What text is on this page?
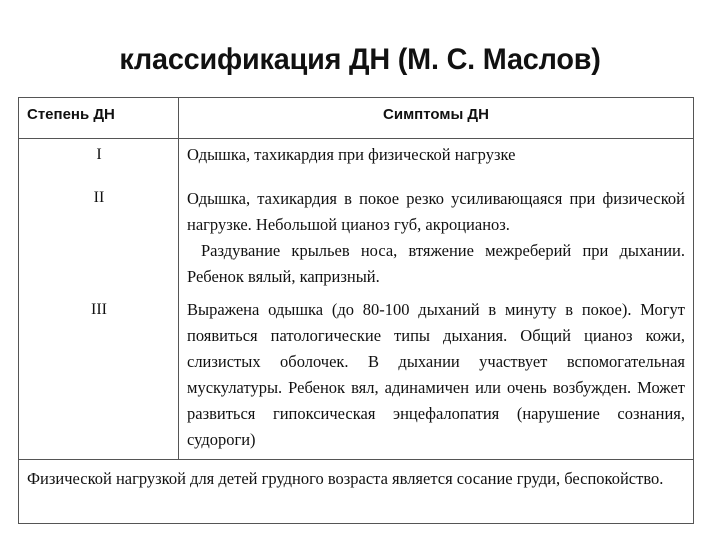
классификация ДН (М. С. Маслов)
Степень ДН	Симптомы ДН
I
II
III
Одышка, тахикардия при физической нагрузке
Одышка, тахикардия в покое резко усиливающаяся при физической нагрузке. Небольшой цианоз губ, акроцианоз.
Раздувание крыльев носа, втяжение межреберий при дыхании. Ребенок вялый, капризный.
Выражена одышка (до 80-100 дыханий в минуту в покое). Могут появиться патологические типы дыхания. Общий цианоз кожи, слизистых оболочек. В дыхании участвует вспомогательная мускулатуры. Ребенок вял, адинамичен или очень возбужден. Может развиться гипоксическая энцефалопатия (нарушение сознания, судороги)
Физической нагрузкой для детей грудного возраста является сосание груди, беспокойство.
